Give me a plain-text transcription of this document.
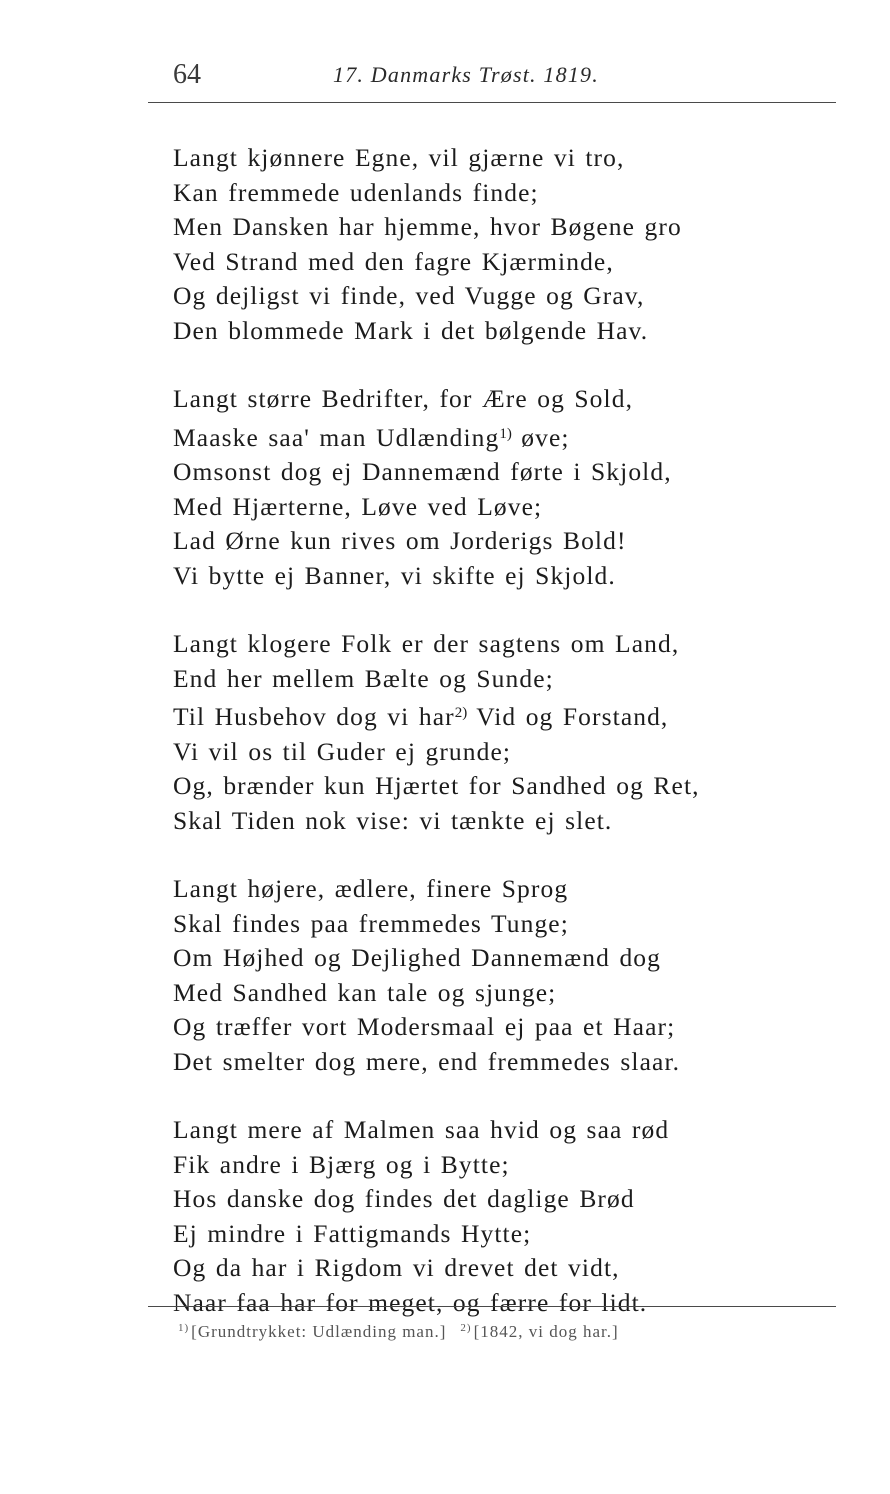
64	17. Danmarks Trøst. 1819.
Langt kjønnere Egne, vil gjærne vi tro,
Kan fremmede udenlands finde;
Men Dansken har hjemme, hvor Bøgene gro
Ved Strand med den fagre Kjærminde,
Og dejligst vi finde, ved Vugge og Grav,
Den blommede Mark i det bølgende Hav.
Langt større Bedrifter, for Ære og Sold,
Maaske saa' man Udlænding$^{1)}$ øve;
Omsonst dog ej Dannemænd førte i Skjold,
Med Hjærterne, Løve ved Løve;
Lad Ørne kun rives om Jorderigs Bold!
Vi bytte ej Banner, vi skifte ej Skjold.
Langt klogere Folk er der sagtens om Land,
End her mellem Bælte og Sunde;
Til Husbehov dog vi har$^{2)}$ Vid og Forstand,
Vi vil os til Guder ej grunde;
Og, brænder kun Hjærtet for Sandhed og Ret,
Skal Tiden nok vise: vi tænkte ej slet.
Langt højere, ædlere, finere Sprog
Skal findes paa fremmedes Tunge;
Om Højhed og Dejlighed Dannemænd dog
Med Sandhed kan tale og sjunge;
Og træffer vort Modersmaal ej paa et Haar;
Det smelter dog mere, end fremmedes slaar.
Langt mere af Malmen saa hvid og saa rød
Fik andre i Bjærg og i Bytte;
Hos danske dog findes det daglige Brød
Ej mindre i Fattigmands Hytte;
Og da har i Rigdom vi drevet det vidt,
Naar faa har for meget, og færre for lidt.
$^{1)}$ [Grundtrykket: Udlænding man.] $^{2)}$ [1842, vi dog har.]
